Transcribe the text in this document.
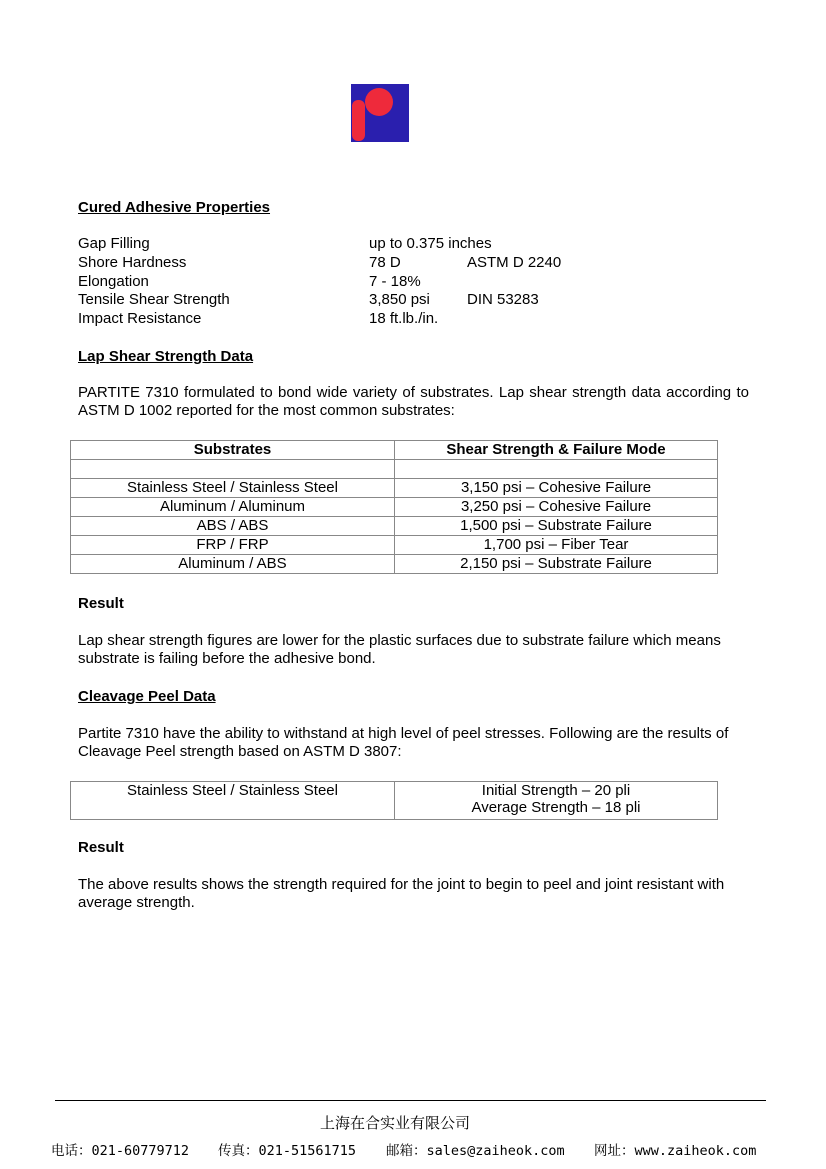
Cured Adhesive Properties
Gap Filling	up to 0.375 inches
Shore Hardness	78 D	ASTM D 2240
Elongation	7 - 18%
Tensile Shear Strength	3,850 psi DIN 53283
Impact Resistance	18 ft.lb./in.
Lap Shear Strength Data
PARTITE 7310 formulated to bond wide variety of substrates. Lap shear strength data according to ASTM D 1002 reported for the most common substrates:
Substrates	Shear Strength & Failure Mode

Stainless Steel / Stainless Steel	3,150 psi – Cohesive Failure
Aluminum / Aluminum	3,250 psi – Cohesive Failure
ABS / ABS	1,500 psi – Substrate Failure
FRP / FRP	1,700 psi – Fiber Tear
Aluminum / ABS	2,150 psi – Substrate Failure
Result
Lap shear strength figures are lower for the plastic surfaces due to substrate failure which means substrate is failing before the adhesive bond.
Cleavage Peel Data
Partite 7310 have the ability to withstand at high level of peel stresses. Following are the results of Cleavage Peel strength based on ASTM D 3807:
Stainless Steel / Stainless Steel	Initial Strength – 20 pli
Average Strength – 18 pli
Result
The above results shows the strength required for the joint to begin to peel and joint resistant with average strength.
上海在合实业有限公司
电话：021-60779712 传真：021-51561715 邮箱：sales@zaiheok.com 网址：www.zaiheok.com
